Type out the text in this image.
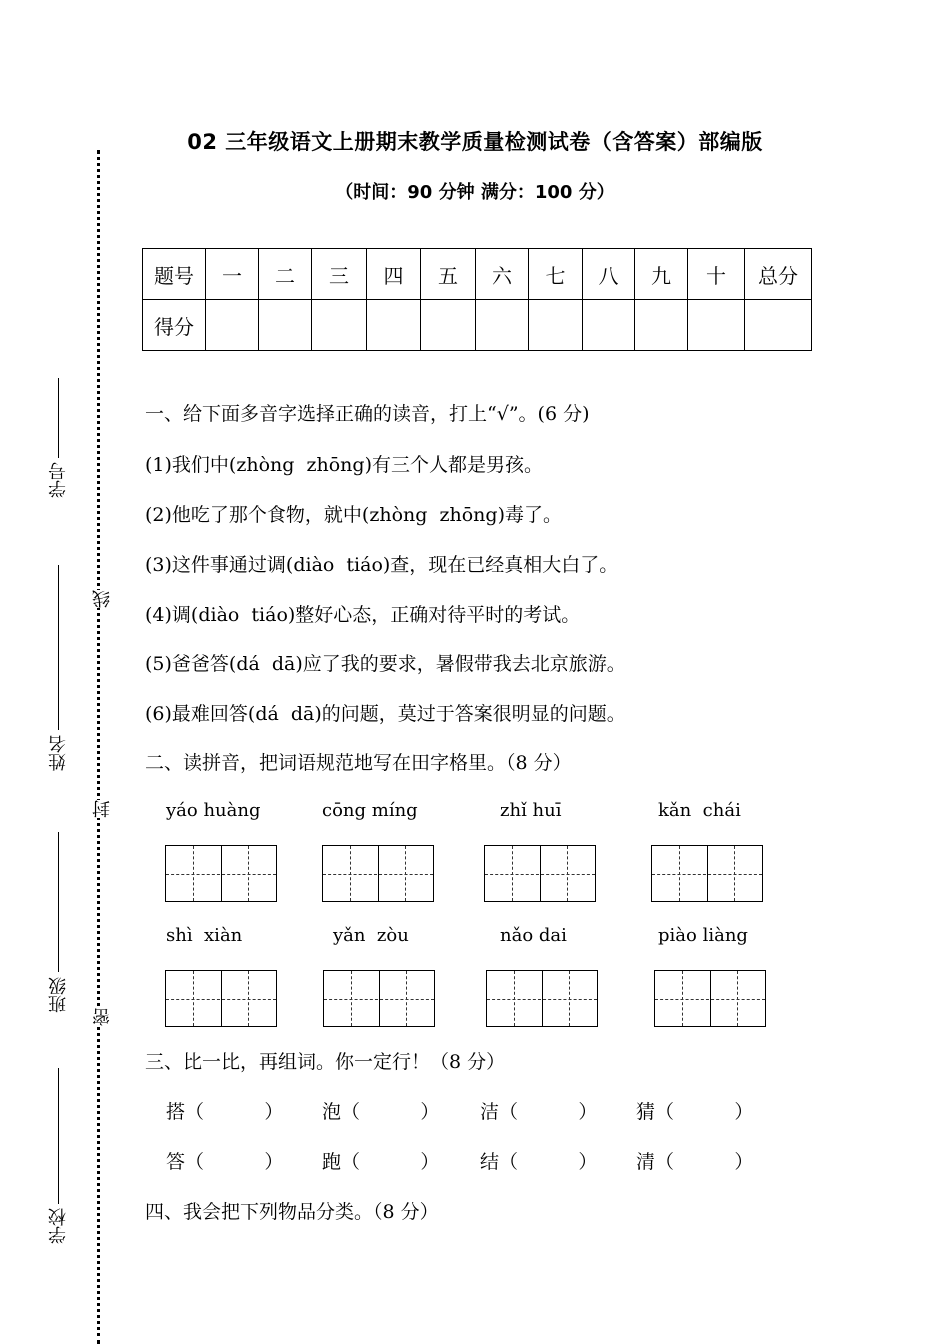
学号
姓名
班级
学校
线
封
密
02 三年级语文上册期末教学质量检测试卷（含答案）部编版
（时间：90 分钟 满分：100 分）
题号	一	二	三	四	五	六	七	八	九	十	总分
得分											
一、给下面多音字选择正确的读音，打上“√”。(6 分)
(1)我们中(zhòng  zhōng)有三个人都是男孩。
(2)他吃了那个食物，就中(zhòng  zhōng)毒了。
(3)这件事通过调(diào  tiáo)查，现在已经真相大白了。
(4)调(diào  tiáo)整好心态，正确对待平时的考试。
(5)爸爸答(dá  dā)应了我的要求，暑假带我去北京旅游。
(6)最难回答(dá  dā)的问题，莫过于答案很明显的问题。
二、读拼音，把词语规范地写在田字格里。（8 分）
yáo huàng	cōng míng	zhǐ huī	kǎn  chái
shì  xiàn	yǎn  zòu	nǎo dai	piào liàng
三、比一比，再组词。你一定行！（8 分）
搭（          ） 泡（          ） 洁（          ） 猜（          ）
答（          ） 跑（          ） 结（          ） 清（          ）
四、我会把下列物品分类。（8 分）
